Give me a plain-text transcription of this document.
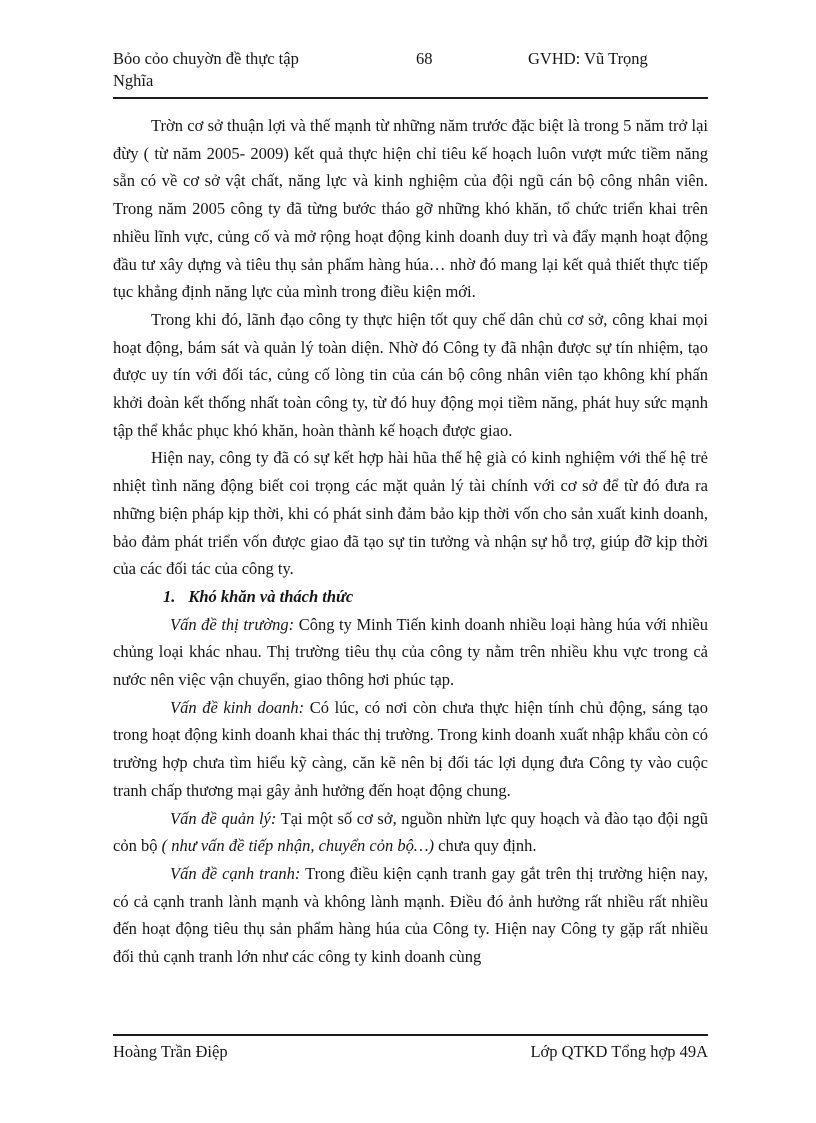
Bỏo cỏo chuyờn đề thực tập	68	GVHD: Vũ Trọng
Nghĩa

Trờn cơ sở thuận lợi và thế mạnh từ những năm trước đặc biệt là trong 5 năm trở lại đừy ( từ năm 2005- 2009) kết quả thực hiện chỉ tiêu kế hoạch luôn vượt mức tiềm năng sẵn có về cơ sở vật chất, năng lực và kinh nghiệm của đội ngũ cán bộ công nhân viên. Trong năm 2005 công ty đã từng bước tháo gỡ những khó khăn, tổ chức triển khai trên nhiều lĩnh vực, củng cố và mở rộng hoạt động kinh doanh duy trì và đẩy mạnh hoạt động đầu tư xây dựng và tiêu thụ sản phẩm hàng húa… nhờ đó mang lại kết quả thiết thực tiếp tục khẳng định năng lực của mình trong điều kiện mới.

Trong khi đó, lãnh đạo công ty thực hiện tốt quy chế dân chủ cơ sở, công khai mọi hoạt động, bám sát và quản lý toàn diện. Nhờ đó Công ty đã nhận được sự tín nhiệm, tạo được uy tín với đối tác, củng cố lòng tin của cán bộ công nhân viên tạo không khí phấn khởi đoàn kết thống nhất toàn công ty, từ đó huy động mọi tiềm năng, phát huy sức mạnh tập thể khắc phục khó khăn, hoàn thành kế hoạch được giao.

Hiện nay, công ty đã có sự kết hợp hài hũa thế hệ già có kinh nghiệm với thế hệ trẻ nhiệt tình năng động biết coi trọng các mặt quản lý tài chính với cơ sở để từ đó đưa ra những biện pháp kịp thời, khi có phát sinh đảm bảo kịp thời vốn cho sản xuất kinh doanh, bảo đảm phát triển vốn được giao đã tạo sự tin tưởng và nhận sự hỗ trợ, giúp đỡ kịp thời của các đối tác của công ty.

1. Khó khăn và thách thức

Vấn đề thị trường: Công ty Minh Tiến kinh doanh nhiều loại hàng húa với nhiều chủng loại khác nhau. Thị trường tiêu thụ của công ty nằm trên nhiều khu vực trong cả nước nên việc vận chuyển, giao thông hơi phúc tạp.

Vấn đề kinh doanh: Có lúc, có nơi còn chưa thực hiện tính chủ động, sáng tạo trong hoạt động kinh doanh khai thác thị trường. Trong kinh doanh xuất nhập khẩu còn có trường hợp chưa tìm hiểu kỹ càng, căn kẽ nên bị đối tác lợi dụng đưa Công ty vào cuộc tranh chấp thương mại gây ảnh hưởng đến hoạt động chung.

Vấn đề quản lý: Tại một số cơ sở, nguồn nhừn lực quy hoạch và đào tạo đội ngũ cỏn bộ ( như vấn đề tiếp nhận, chuyển cỏn bộ…) chưa quy định.

Vấn đề cạnh tranh: Trong điều kiện cạnh tranh gay gắt trên thị trường hiện nay, có cả cạnh tranh lành mạnh và không lành mạnh. Điều đó ảnh hưởng rất nhiều rất nhiều đến hoạt động tiêu thụ sản phẩm hàng húa của Công ty. Hiện nay Công ty gặp rất nhiều đối thủ cạnh tranh lớn như các công ty kinh doanh cùng

Hoàng Trần Điệp	Lớp QTKD Tổng hợp 49A
